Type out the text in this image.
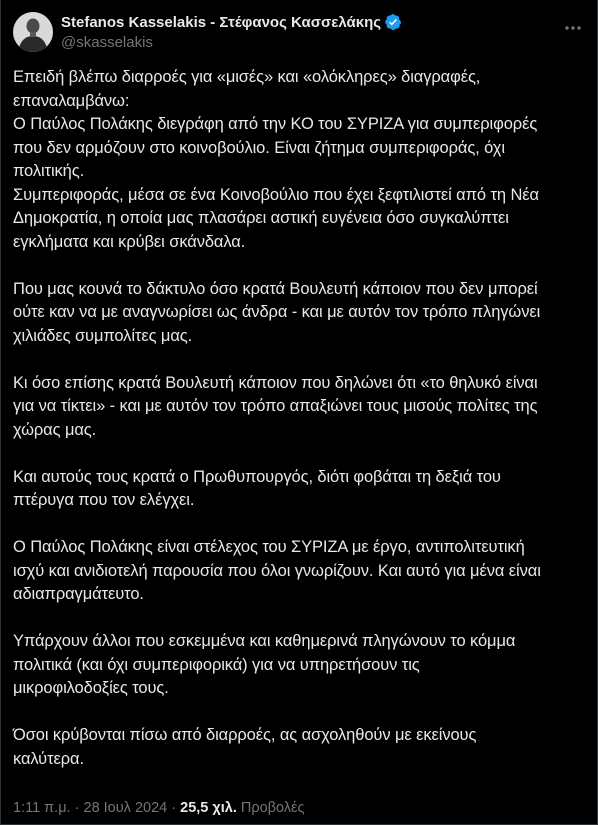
Stefanos Kasselakis - Στέφανος Κασσελάκης
@skasselakis
Επειδή βλέπω διαρροές για «μισές» και «ολόκληρες» διαγραφές,
επαναλαμβάνω:
Ο Παύλος Πολάκης διεγράφη από την ΚΟ του ΣΥΡΙΖΑ για συμπεριφορές
που δεν αρμόζουν στο κοινοβούλιο. Είναι ζήτημα συμπεριφοράς, όχι
πολιτικής.
Συμπεριφοράς, μέσα σε ένα Κοινοβούλιο που έχει ξεφτιλιστεί από τη Νέα
Δημοκρατία, η οποία μας πλασάρει αστική ευγένεια όσο συγκαλύπτει
εγκλήματα και κρύβει σκάνδαλα.
Που μας κουνά το δάκτυλο όσο κρατά Βουλευτή κάποιον που δεν μπορεί
ούτε καν να με αναγνωρίσει ως άνδρα - και με αυτόν τον τρόπο πληγώνει
χιλιάδες συμπολίτες μας.
Κι όσο επίσης κρατά Βουλευτή κάποιον που δηλώνει ότι «το θηλυκό είναι
για να τίκτει» - και με αυτόν τον τρόπο απαξιώνει τους μισούς πολίτες της
χώρας μας.
Και αυτούς τους κρατά ο Πρωθυπουργός, διότι φοβάται τη δεξιά του
πτέρυγα που τον ελέγχει.
Ο Παύλος Πολάκης είναι στέλεχος του ΣΥΡΙΖΑ με έργο, αντιπολιτευτική
ισχύ και ανιδιοτελή παρουσία που όλοι γνωρίζουν. Και αυτό για μένα είναι
αδιαπραγμάτευτο.
Υπάρχουν άλλοι που εσκεμμένα και καθημερινά πληγώνουν το κόμμα
πολιτικά (και όχι συμπεριφορικά) για να υπηρετήσουν τις
μικροφιλοδοξίες τους.
Όσοι κρύβονται πίσω από διαρροές, ας ασχοληθούν με εκείνους
καλύτερα.
1:11 π.μ. · 28 Ιουλ 2024 · 25,5 χιλ. Προβολές
